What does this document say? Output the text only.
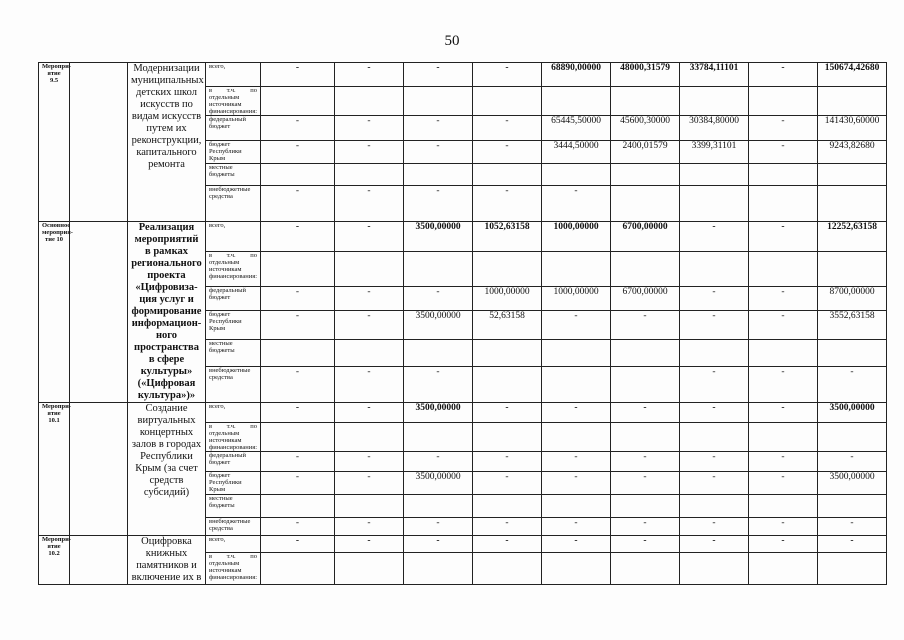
50
Меропри-
ятие
9.5		Модернизации муниципальных детских школ искусств по видам искусств путем их реконструкции, капитального ремонта	всего,	-	-	-	-	68890,00000	48000,31579	33784,11101	-	150674,42680

			в т.ч. по
отдельным источникам финансирования:									
			федеральный бюджет	-	-	-	-	65445,50000	45600,30000	30384,80000	-	141430,60000
			бюджет Республики Крым	-	-	-	-	3444,50000	2400,01579	3399,31101	-	9243,82680
			местные бюджеты									
			внебюджетные средства	-	-	-	-	-				
Основное
мероприя-
тие 10		Реализация мероприятий в рамках регионального проекта «Цифровиза-ция услуг и формирование информацион-ного пространства в сфере культуры» («Цифровая культура»)»	всего,	-	-	3500,00000	1052,63158	1000,00000	6700,00000	-	-	12252,63158

			в т.ч. по
отдельным источникам финансирования:									
			федеральный бюджет	-	-	-	1000,00000	1000,00000	6700,00000	-	-	8700,00000
			бюджет Республики Крым	-	-	3500,00000	52,63158	-	-	-	-	3552,63158
			местные бюджеты									
			внебюджетные средства	-	-	-				-	-	-
Меропри-
ятие 10.1		Создание виртуальных концертных залов в городах Республики Крым (за счет средств субсидий)	всего,	-	-	3500,00000	-	-	-	-	-	3500,00000

			в т.ч. по
отдельным источникам финансирования:									
			федеральный бюджет	-	-	-	-	-	-	-	-	-
			бюджет Республики Крым	-	-	3500,00000	-	-	-	-	-	3500,00000
			местные бюджеты									
			внебюджетные средства	-	-	-	-	-	-	-	-	-
Меропри-
ятие 10.2		Оцифровка книжных памятников и включение их в	всего,	-	-	-	-	-	-	-	-	-

			в т.ч. по
отдельным источникам финансирования:									
